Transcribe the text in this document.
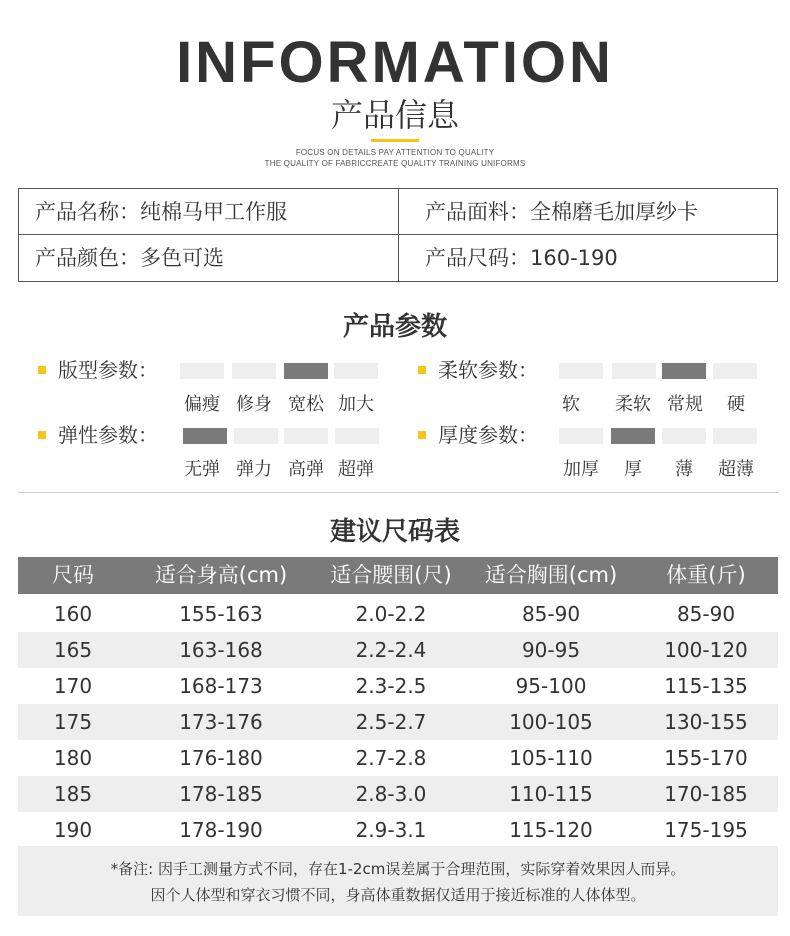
INFORMATION
产品信息
FOCUS ON DETAILS PAY ATTENTION TO QUALITY
THE QUALITY OF FABRICCREATE QUALITY TRAINING UNIFORMS
产品名称：纯棉马甲工作服	产品面料：全棉磨毛加厚纱卡
产品颜色：多色可选	产品尺码：160-190
产品参数
版型参数：
偏瘦 修身 宽松 加大
柔软参数：
软	柔软 常规	硬
弹性参数：
无弹 弹力 高弹 超弹
厚度参数：
加厚	厚	薄	超薄
建议尺码表
尺码	适合身高(cm)	适合腰围(尺)	适合胸围(cm)	体重(斤)
160	155-163	2.0-2.2	85-90	85-90
165	163-168	2.2-2.4	90-95	100-120
170	168-173	2.3-2.5	95-100	115-135
175	173-176	2.5-2.7	100-105	130-155
180	176-180	2.7-2.8	105-110	155-170
185	178-185	2.8-3.0	110-115	170-185
190	178-190	2.9-3.1	115-120	175-195
*备注: 因手工测量方式不同，存在1-2cm误差属于合理范围，实际穿着效果因人而异。
因个人体型和穿衣习惯不同，身高体重数据仅适用于接近标准的人体体型。
